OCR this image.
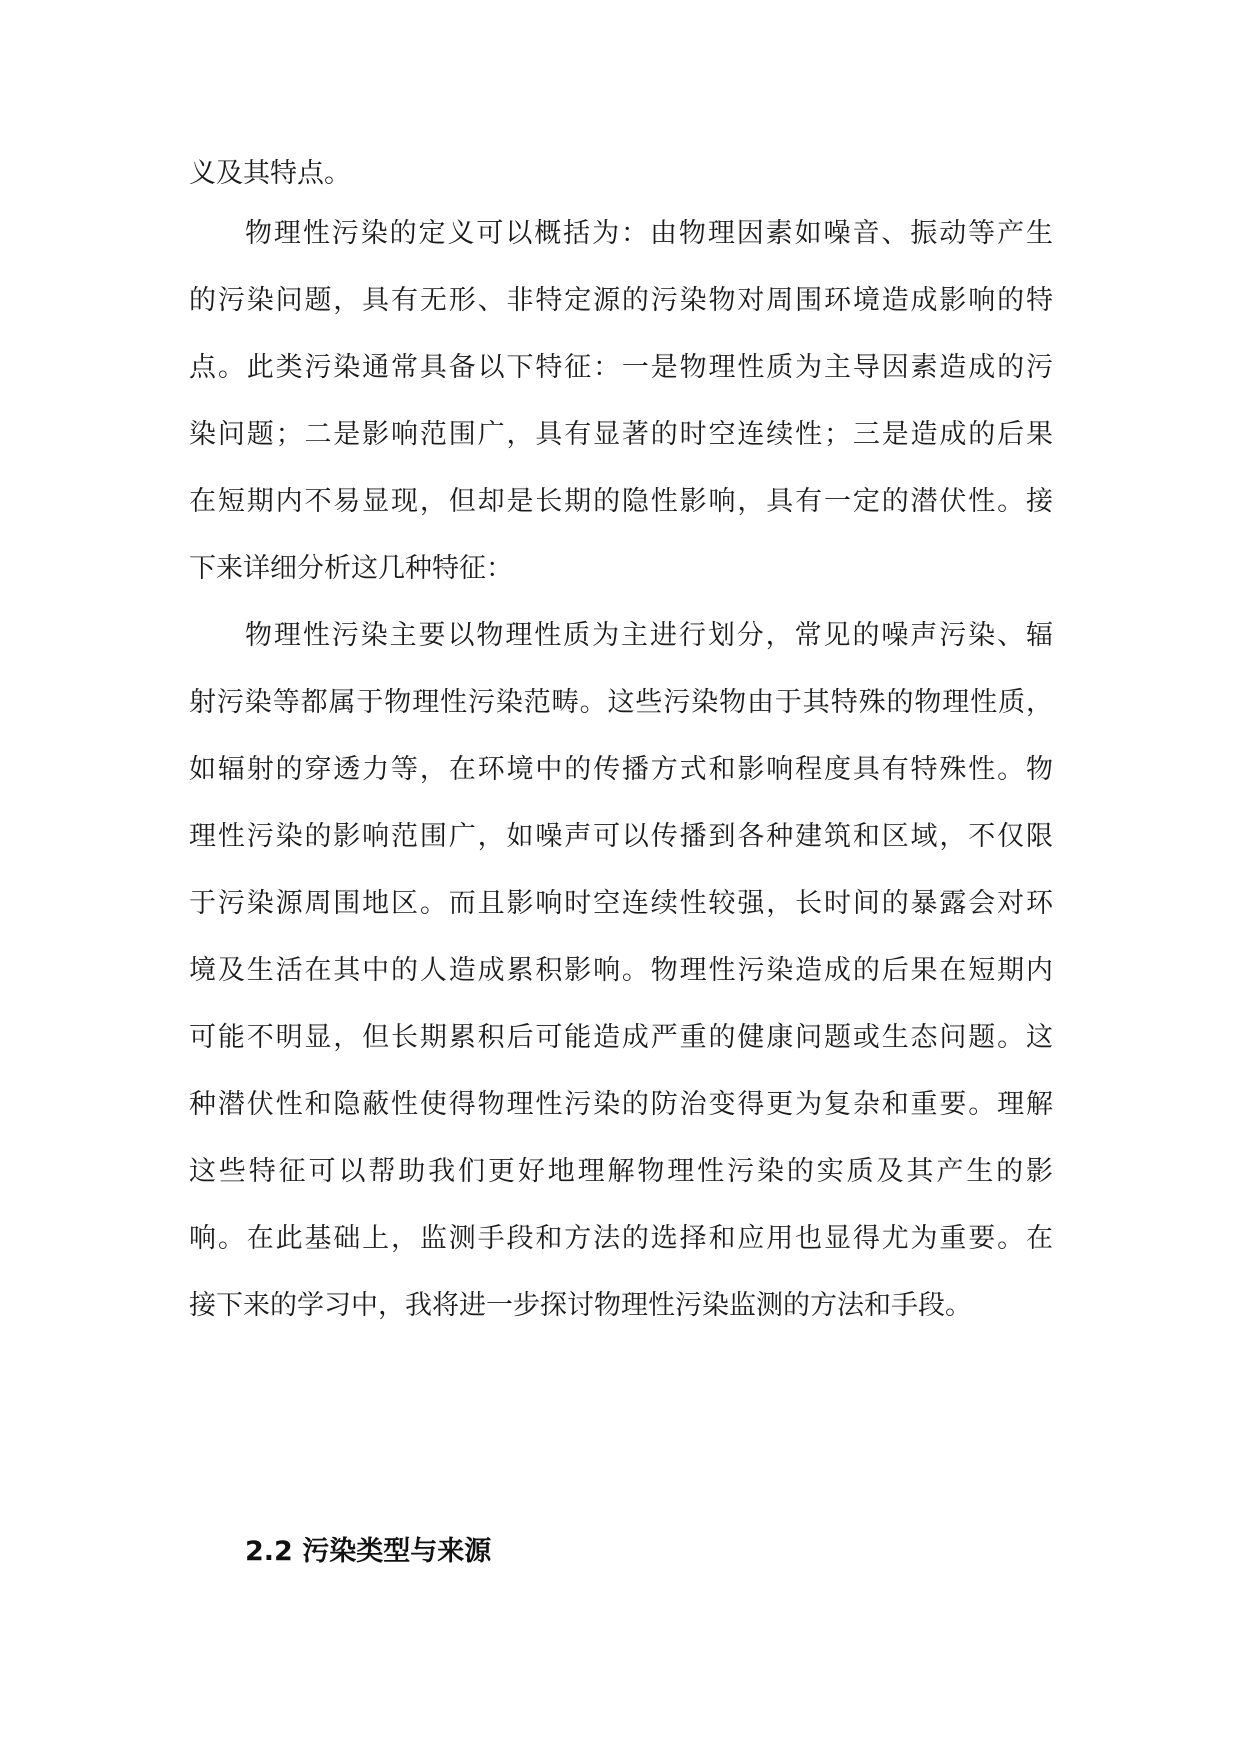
义及其特点。
物理性污染的定义可以概括为：由物理因素如噪音、振动等产生
的污染问题，具有无形、非特定源的污染物对周围环境造成影响的特
点。此类污染通常具备以下特征：一是物理性质为主导因素造成的污
染问题；二是影响范围广，具有显著的时空连续性；三是造成的后果
在短期内不易显现，但却是长期的隐性影响，具有一定的潜伏性。接
下来详细分析这几种特征：
物理性污染主要以物理性质为主进行划分，常见的噪声污染、辐
射污染等都属于物理性污染范畴。这些污染物由于其特殊的物理性质，
如辐射的穿透力等，在环境中的传播方式和影响程度具有特殊性。物
理性污染的影响范围广，如噪声可以传播到各种建筑和区域，不仅限
于污染源周围地区。而且影响时空连续性较强，长时间的暴露会对环
境及生活在其中的人造成累积影响。物理性污染造成的后果在短期内
可能不明显，但长期累积后可能造成严重的健康问题或生态问题。这
种潜伏性和隐蔽性使得物理性污染的防治变得更为复杂和重要。理解
这些特征可以帮助我们更好地理解物理性污染的实质及其产生的影
响。在此基础上，监测手段和方法的选择和应用也显得尤为重要。在
接下来的学习中，我将进一步探讨物理性污染监测的方法和手段。
2.2 污染类型与来源
